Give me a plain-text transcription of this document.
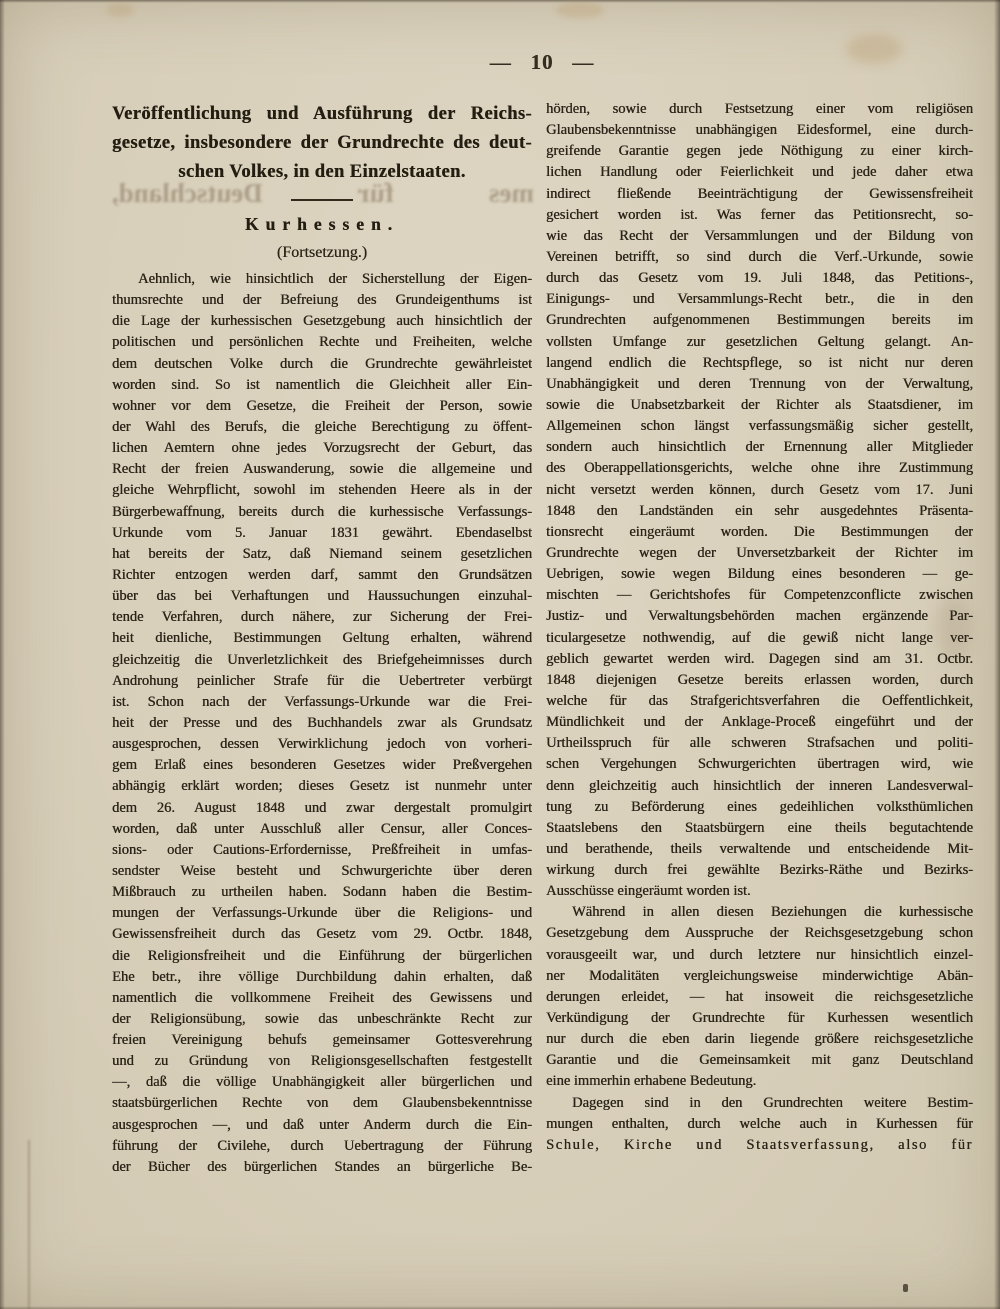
—   10   —
mes für Deutschland,
Veröffentlichung und Ausführung der Reichs-
gesetze, insbesondere der Grundrechte des deut-
schen Volkes, in den Einzelstaaten.
Kurhessen.
(Fortsetzung.)
Aehnlich, wie hinsichtlich der Sicherstellung der Eigen-
thumsrechte und der Befreiung des Grundeigenthums ist
die Lage der kurhessischen Gesetzgebung auch hinsichtlich der
politischen und persönlichen Rechte und Freiheiten, welche
dem deutschen Volke durch die Grundrechte gewährleistet
worden sind. So ist namentlich die Gleichheit aller Ein-
wohner vor dem Gesetze, die Freiheit der Person, sowie
der Wahl des Berufs, die gleiche Berechtigung zu öffent-
lichen Aemtern ohne jedes Vorzugsrecht der Geburt, das
Recht der freien Auswanderung, sowie die allgemeine und
gleiche Wehrpflicht, sowohl im stehenden Heere als in der
Bürgerbewaffnung, bereits durch die kurhessische Verfassungs-
Urkunde vom 5. Januar 1831 gewährt. Ebendaselbst
hat bereits der Satz, daß Niemand seinem gesetzlichen
Richter entzogen werden darf, sammt den Grundsätzen
über das bei Verhaftungen und Haussuchungen einzuhal-
tende Verfahren, durch nähere, zur Sicherung der Frei-
heit dienliche, Bestimmungen Geltung erhalten, während
gleichzeitig die Unverletzlichkeit des Briefgeheimnisses durch
Androhung peinlicher Strafe für die Uebertreter verbürgt
ist. Schon nach der Verfassungs-Urkunde war die Frei-
heit der Presse und des Buchhandels zwar als Grundsatz
ausgesprochen, dessen Verwirklichung jedoch von vorheri-
gem Erlaß eines besonderen Gesetzes wider Preßvergehen
abhängig erklärt worden; dieses Gesetz ist nunmehr unter
dem 26. August 1848 und zwar dergestalt promulgirt
worden, daß unter Ausschluß aller Censur, aller Conces-
sions- oder Cautions-Erfordernisse, Preßfreiheit in umfas-
sendster Weise besteht und Schwurgerichte über deren
Mißbrauch zu urtheilen haben. Sodann haben die Bestim-
mungen der Verfassungs-Urkunde über die Religions- und
Gewissensfreiheit durch das Gesetz vom 29. Octbr. 1848,
die Religionsfreiheit und die Einführung der bürgerlichen
Ehe betr., ihre völlige Durchbildung dahin erhalten, daß
namentlich die vollkommene Freiheit des Gewissens und
der Religionsübung, sowie das unbeschränkte Recht zur
freien Vereinigung behufs gemeinsamer Gottesverehrung
und zu Gründung von Religionsgesellschaften festgestellt
—, daß die völlige Unabhängigkeit aller bürgerlichen und
staatsbürgerlichen Rechte von dem Glaubensbekenntnisse
ausgesprochen —, und daß unter Anderm durch die Ein-
führung der Civilehe, durch Uebertragung der Führung
der Bücher des bürgerlichen Standes an bürgerliche Be-
hörden, sowie durch Festsetzung einer vom religiösen
Glaubensbekenntnisse unabhängigen Eidesformel, eine durch-
greifende Garantie gegen jede Nöthigung zu einer kirch-
lichen Handlung oder Feierlichkeit und jede daher etwa
indirect fließende Beeinträchtigung der Gewissensfreiheit
gesichert worden ist. Was ferner das Petitionsrecht, so-
wie das Recht der Versammlungen und der Bildung von
Vereinen betrifft, so sind durch die Verf.-Urkunde, sowie
durch das Gesetz vom 19. Juli 1848, das Petitions-,
Einigungs- und Versammlungs-Recht betr., die in den
Grundrechten aufgenommenen Bestimmungen bereits im
vollsten Umfange zur gesetzlichen Geltung gelangt. An-
langend endlich die Rechtspflege, so ist nicht nur deren
Unabhängigkeit und deren Trennung von der Verwaltung,
sowie die Unabsetzbarkeit der Richter als Staatsdiener, im
Allgemeinen schon längst verfassungsmäßig sicher gestellt,
sondern auch hinsichtlich der Ernennung aller Mitglieder
des Oberappellationsgerichts, welche ohne ihre Zustimmung
nicht versetzt werden können, durch Gesetz vom 17. Juni
1848 den Landständen ein sehr ausgedehntes Präsenta-
tionsrecht eingeräumt worden. Die Bestimmungen der
Grundrechte wegen der Unversetzbarkeit der Richter im
Uebrigen, sowie wegen Bildung eines besonderen — ge-
mischten — Gerichtshofes für Competenzconflicte zwischen
Justiz- und Verwaltungsbehörden machen ergänzende Par-
ticulargesetze nothwendig, auf die gewiß nicht lange ver-
geblich gewartet werden wird. Dagegen sind am 31. Octbr.
1848 diejenigen Gesetze bereits erlassen worden, durch
welche für das Strafgerichtsverfahren die Oeffentlichkeit,
Mündlichkeit und der Anklage-Proceß eingeführt und der
Urtheilsspruch für alle schweren Strafsachen und politi-
schen Vergehungen Schwurgerichten übertragen wird, wie
denn gleichzeitig auch hinsichtlich der inneren Landesverwal-
tung zu Beförderung eines gedeihlichen volksthümlichen
Staatslebens den Staatsbürgern eine theils begutachtende
und berathende, theils verwaltende und entscheidende Mit-
wirkung durch frei gewählte Bezirks-Räthe und Bezirks-
Ausschüsse eingeräumt worden ist.
Während in allen diesen Beziehungen die kurhessische
Gesetzgebung dem Ausspruche der Reichsgesetzgebung schon
vorausgeeilt war, und durch letztere nur hinsichtlich einzel-
ner Modalitäten vergleichungsweise minderwichtige Abän-
derungen erleidet, — hat insoweit die reichsgesetzliche
Verkündigung der Grundrechte für Kurhessen wesentlich
nur durch die eben darin liegende größere reichsgesetzliche
Garantie und die Gemeinsamkeit mit ganz Deutschland
eine immerhin erhabene Bedeutung.
Dagegen sind in den Grundrechten weitere Bestim-
mungen enthalten, durch welche auch in Kurhessen für
Schule, Kirche und Staatsverfassung, also für
